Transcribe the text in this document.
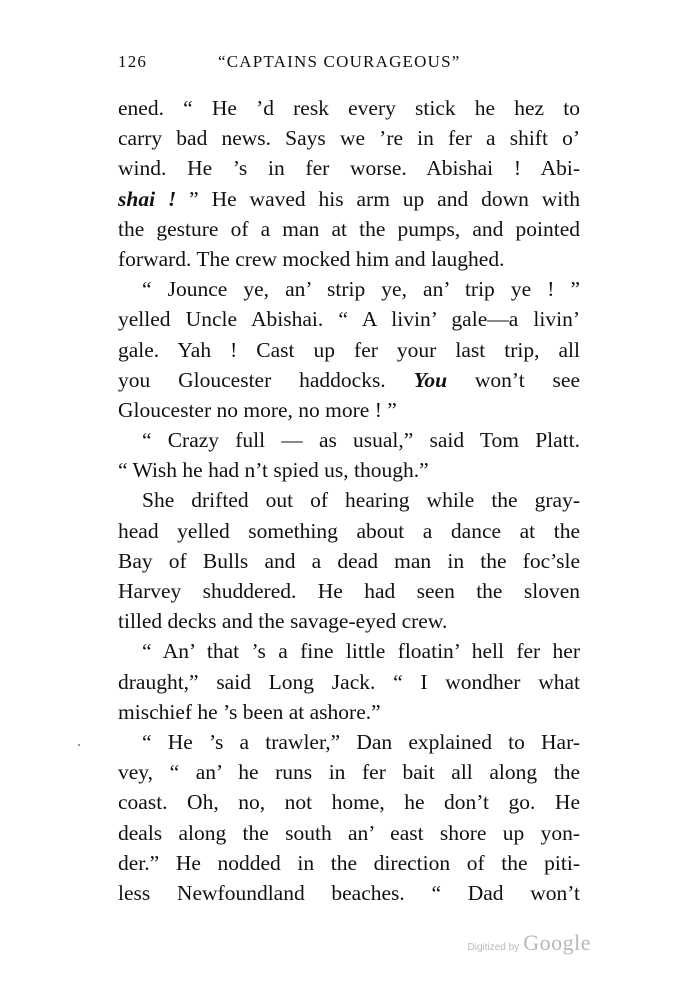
126	“CAPTAINS COURAGEOUS”
ened. “ He ’d resk every stick he hez to
carry bad news. Says we ’re in fer a shift o’
wind. He ’s in fer worse. Abishai ! Abi-
shai ! ” He waved his arm up and down with
the gesture of a man at the pumps, and pointed
forward. The crew mocked him and laughed.
“ Jounce ye, an’ strip ye, an’ trip ye ! ”
yelled Uncle Abishai. “ A livin’ gale—a livin’
gale. Yah ! Cast up fer your last trip, all
you Gloucester haddocks. You won’t see
Gloucester no more, no more ! ”
“ Crazy full — as usual,” said Tom Platt.
“ Wish he had n’t spied us, though.”
She drifted out of hearing while the gray-
head yelled something about a dance at the
Bay of Bulls and a dead man in the foc’sle
Harvey shuddered. He had seen the sloven
tilled decks and the savage-eyed crew.
“ An’ that ’s a fine little floatin’ hell fer her
draught,” said Long Jack. “ I wondher what
mischief he ’s been at ashore.”
“ He ’s a trawler,” Dan explained to Har-
vey, “ an’ he runs in fer bait all along the
coast. Oh, no, not home, he don’t go. He
deals along the south an’ east shore up yon-
der.” He nodded in the direction of the piti-
less Newfoundland beaches. “ Dad won’t
Digitized by Google
